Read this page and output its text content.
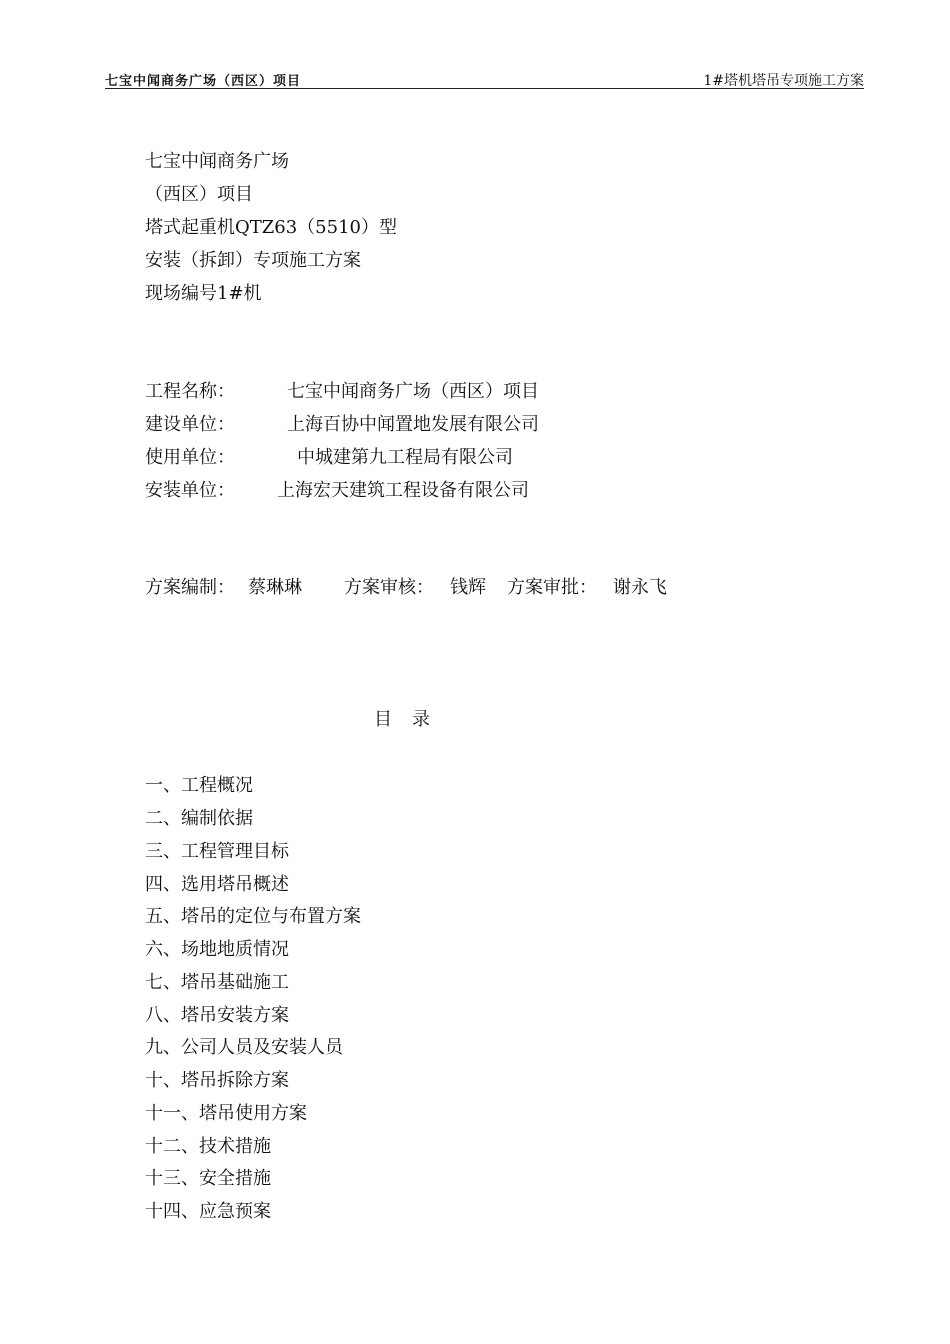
七宝中闻商务广场（西区）项目	1#塔机塔吊专项施工方案
七宝中闻商务广场
（西区）项目
塔式起重机QTZ63（5510）型
安装（拆卸）专项施工方案
现场编号1#机
工程名称：	七宝中闻商务广场（西区）项目
建设单位：	上海百协中闻置地发展有限公司
使用单位：	中城建第九工程局有限公司
安装单位： 上海宏天建筑工程设备有限公司
方案编制： 蔡琳琳 方案审核： 钱辉 方案审批： 谢永飞
目录
一、工程概况
二、编制依据
三、工程管理目标
四、选用塔吊概述
五、塔吊的定位与布置方案
六、场地地质情况
七、塔吊基础施工
八、塔吊安装方案
九、公司人员及安装人员
十、塔吊拆除方案
十一、塔吊使用方案
十二、技术措施
十三、安全措施
十四、应急预案
